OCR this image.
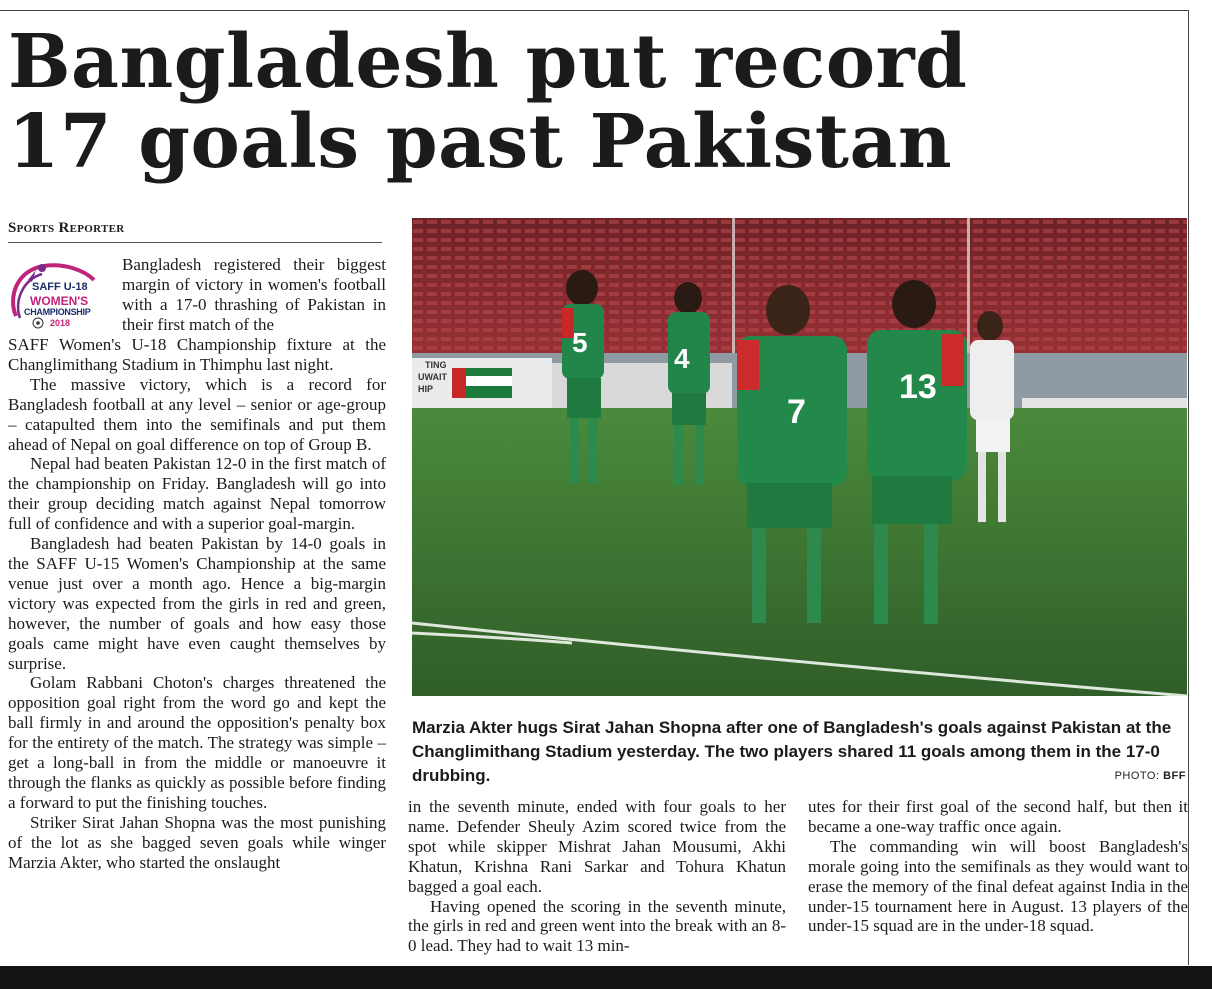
Bangladesh put record
17 goals past Pakistan
Sports Reporter
SAFF U-18
WOMEN'S
CHAMPIONSHIP
2018

Bangladesh registered their biggest margin of victory in women's football with a 17-0 thrashing of Pakistan in their first match of the

SAFF Women's U-18 Championship fixture at the Changlimithang Stadium in Thimphu last night.

The massive victory, which is a record for Bangladesh football at any level – senior or age-group – catapulted them into the semifinals and put them ahead of Nepal on goal difference on top of Group B.

Nepal had beaten Pakistan 12-0 in the first match of the championship on Friday. Bangladesh will go into their group deciding match against Nepal tomorrow full of confidence and with a superior goal-margin.

Bangladesh had beaten Pakistan by 14-0 goals in the SAFF U-15 Women's Championship at the same venue just over a month ago. Hence a big-margin victory was expected from the girls in red and green, however, the number of goals and how easy those goals came might have even caught themselves by surprise.

Golam Rabbani Choton's charges threatened the opposition goal right from the word go and kept the ball firmly in and around the opposition's penalty box for the entirety of the match. The strategy was simple – get a long-ball in from the middle or manoeuvre it through the flanks as quickly as possible before finding a forward to put the finishing touches.

Striker Sirat Jahan Shopna was the most punishing of the lot as she bagged seven goals while winger Marzia Akter, who started the onslaught

TING
UWAIT
HIP
5
4
7
13
Marzia Akter hugs Sirat Jahan Shopna after one of Bangladesh's goals against Pakistan at the Changlimithang Stadium yesterday. The two players shared 11 goals among them in the 17-0 drubbing.	PHOTO: BFF

in the seventh minute, ended with four goals to her name. Defender Sheuly Azim scored twice from the spot while skipper Mishrat Jahan Mousumi, Akhi Khatun, Krishna Rani Sarkar and Tohura Khatun bagged a goal each.

Having opened the scoring in the seventh minute, the girls in red and green went into the break with an 8-0 lead. They had to wait 13 min-

utes for their first goal of the second half, but then it became a one-way traffic once again.

The commanding win will boost Bangladesh's morale going into the semifinals as they would want to erase the memory of the final defeat against India in the under-15 tournament here in August. 13 players of the under-15 squad are in the under-18 squad.
